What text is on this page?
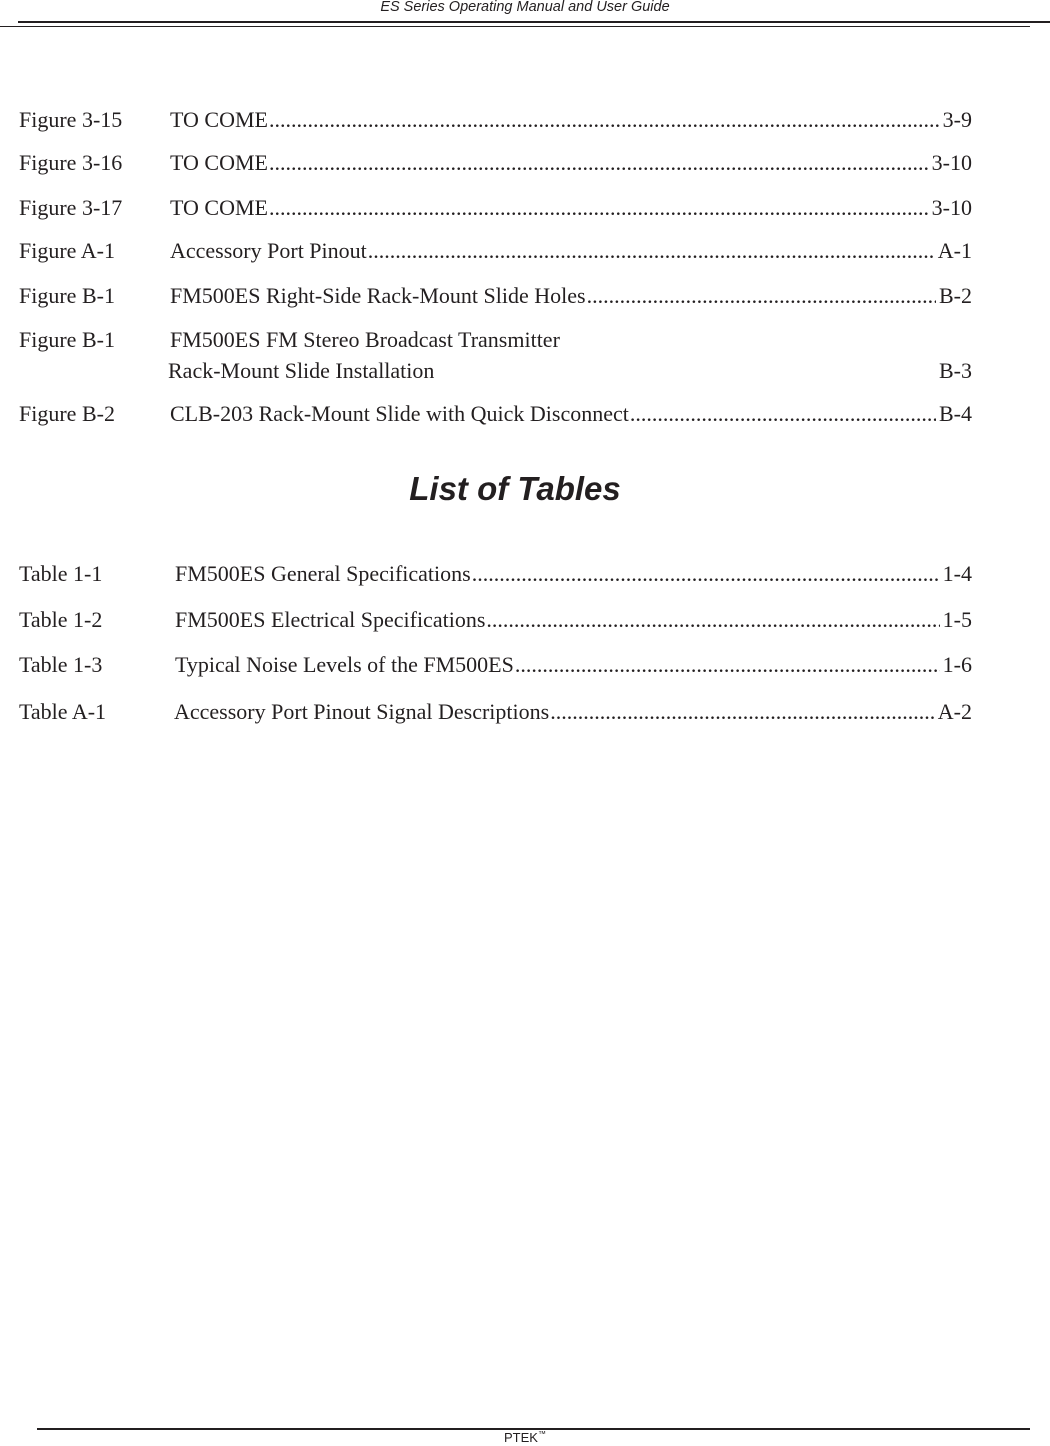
ES Series Operating Manual and User Guide
Figure 3-15 TO COME .....	3-9
Figure 3-16 TO COME .....	3-10
Figure 3-17 TO COME .....	3-10
Figure A-1	Accessory Port Pinout .....	A-1
Figure B-1	FM500ES Right-Side Rack-Mount Slide Holes .....	B-2
Figure B-1	FM500ES FM Stereo Broadcast Transmitter
Rack-Mount Slide Installation	B-3
Figure B-2	CLB-203 Rack-Mount Slide with Quick Disconnect .....	B-4
List of Tables
Table 1-1	FM500ES General Specifications .....	1-4
Table 1-2	FM500ES Electrical Specifications .....	1-5
Table 1-3	Typical Noise Levels of the FM500ES .....	1-6
Table A-1	Accessory Port Pinout Signal Descriptions .....	A-2
PTEK™
